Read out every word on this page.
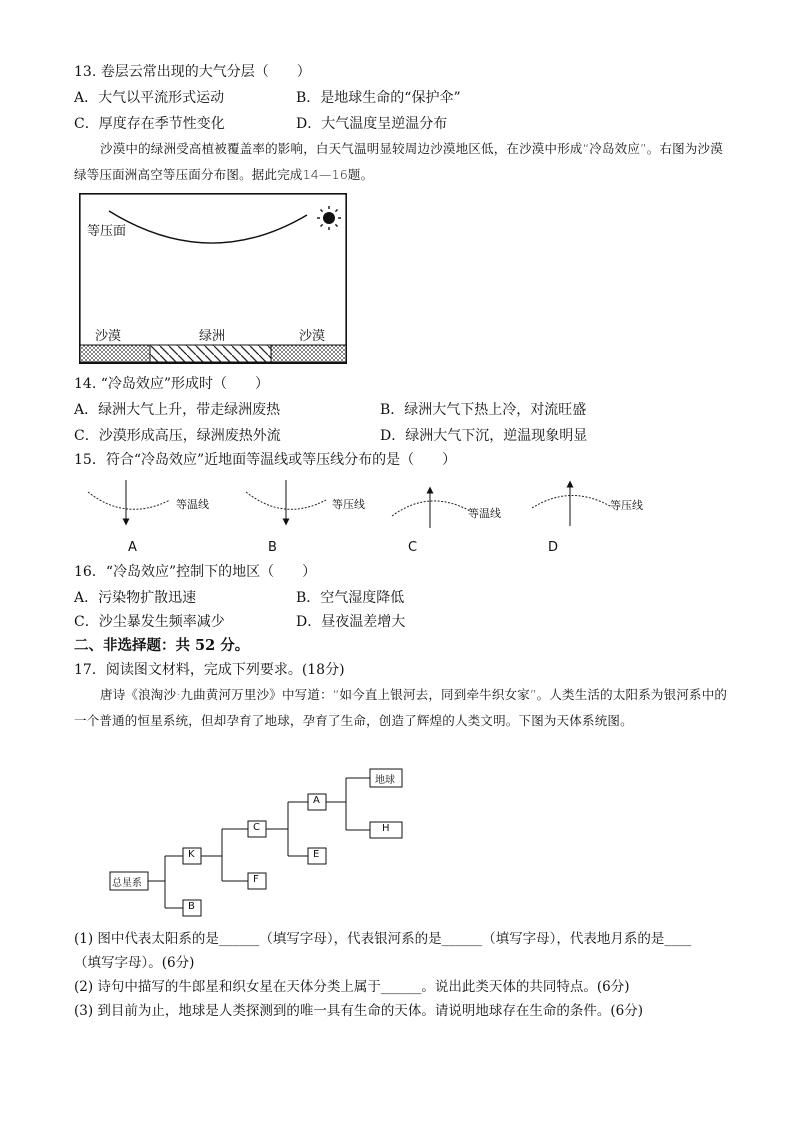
13. 卷层云常出现的大气分层（　　）
A．大气以平流形式运动	B．是地球生命的“保护伞”
C．厚度存在季节性变化	D．大气温度呈逆温分布
沙漠中的绿洲受高植被覆盖率的影响，白天气温明显较周边沙漠地区低，在沙漠中形成“冷岛效应”。右图为沙漠绿等压面洲高空等压面分布图。据此完成14—16题。
等压面
沙漠	绿洲	沙漠
14. “冷岛效应”形成时（　　）
A．绿洲大气上升，带走绿洲废热	B．绿洲大气下热上冷，对流旺盛
C．沙漠形成高压，绿洲废热外流	D．绿洲大气下沉，逆温现象明显
15．符合“冷岛效应”近地面等温线或等压线分布的是（　　）
等温线	等压线
等温线
等压线
A	B	C	D
16．“冷岛效应”控制下的地区（　　）
A．污染物扩散迅速	B．空气湿度降低
C．沙尘暴发生频率减少	D．昼夜温差增大
二、非选择题：共 52 分。
17．阅读图文材料，完成下列要求。(18分)
唐诗《浪淘沙·九曲黄河万里沙》中写道：“如今直上银河去，同到牵牛织女家”。人类生活的太阳系为银河系中的一个普通的恒星系统，但却孕育了地球，孕育了生命，创造了辉煌的人类文明。下图为天体系统图。
总星系
K
B
C
F
A
E
地球
H
(1) 图中代表太阳系的是______（填写字母），代表银河系的是______（填写字母），代表地月系的是____
（填写字母）。(6分)
(2) 诗句中描写的牛郎星和织女星在天体分类上属于______。说出此类天体的共同特点。(6分)
(3) 到目前为止，地球是人类探测到的唯一具有生命的天体。请说明地球存在生命的条件。(6分)
